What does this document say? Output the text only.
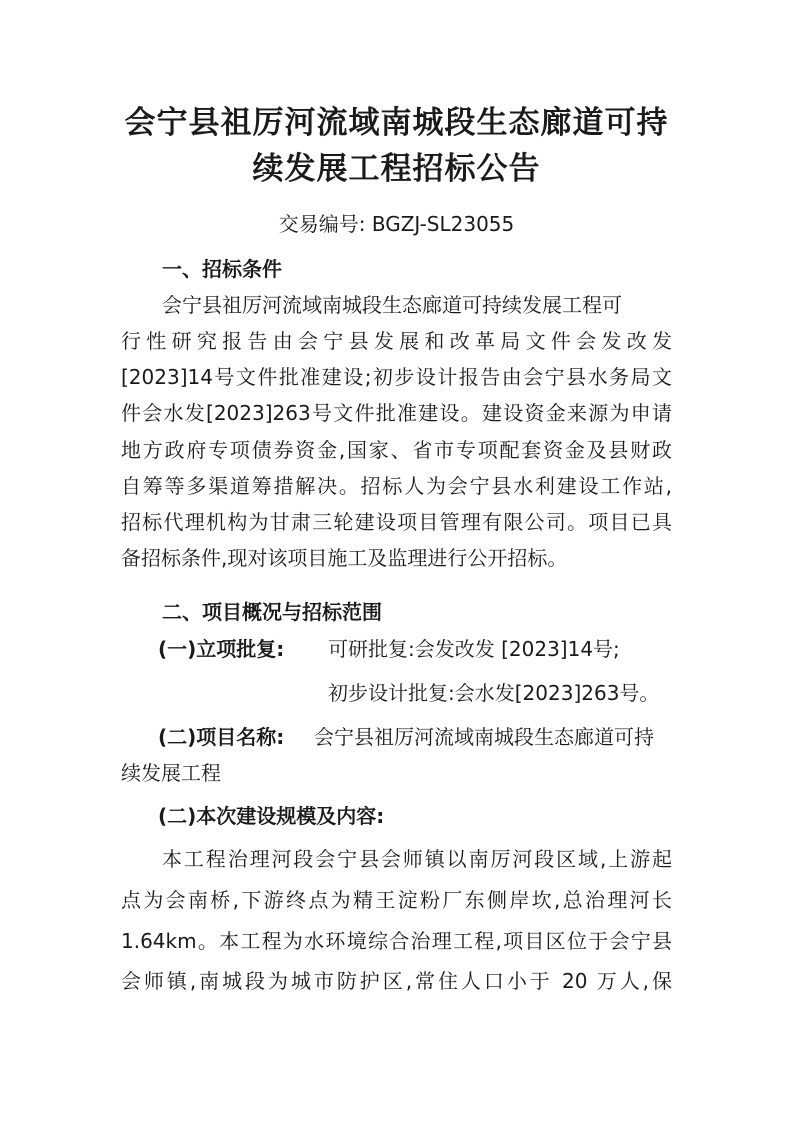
会宁县祖厉河流域南城段生态廊道可持
续发展工程招标公告

交易编号: BGZJ-SL23055

一、招标条件

会宁县祖厉河流域南城段生态廊道可持续发展工程可

行性研究报告由会宁县发展和改革局文件会发改发

[2023]14号文件批准建设;初步设计报告由会宁县水务局文

件会水发[2023]263号文件批准建设。建设资金来源为申请

地方政府专项债券资金,国家、省市专项配套资金及县财政

自筹等多渠道筹措解决。招标人为会宁县水利建设工作站,

招标代理机构为甘肃三轮建设项目管理有限公司。项目已具

备招标条件,现对该项目施工及监理进行公开招标。

二、项目概况与招标范围

(一)立项批复: 可研批复:会发改发 [2023]14号;

初步设计批复:会水发[2023]263号。

(二)项目名称: 会宁县祖厉河流域南城段生态廊道可持

续发展工程

(二)本次建设规模及内容:

本工程治理河段会宁县会师镇以南厉河段区域,上游起

点为会南桥,下游终点为精王淀粉厂东侧岸坎,总治理河长

1.64km。本工程为水环境综合治理工程,项目区位于会宁县

会师镇,南城段为城市防护区,常住人口小于 20 万人,保
